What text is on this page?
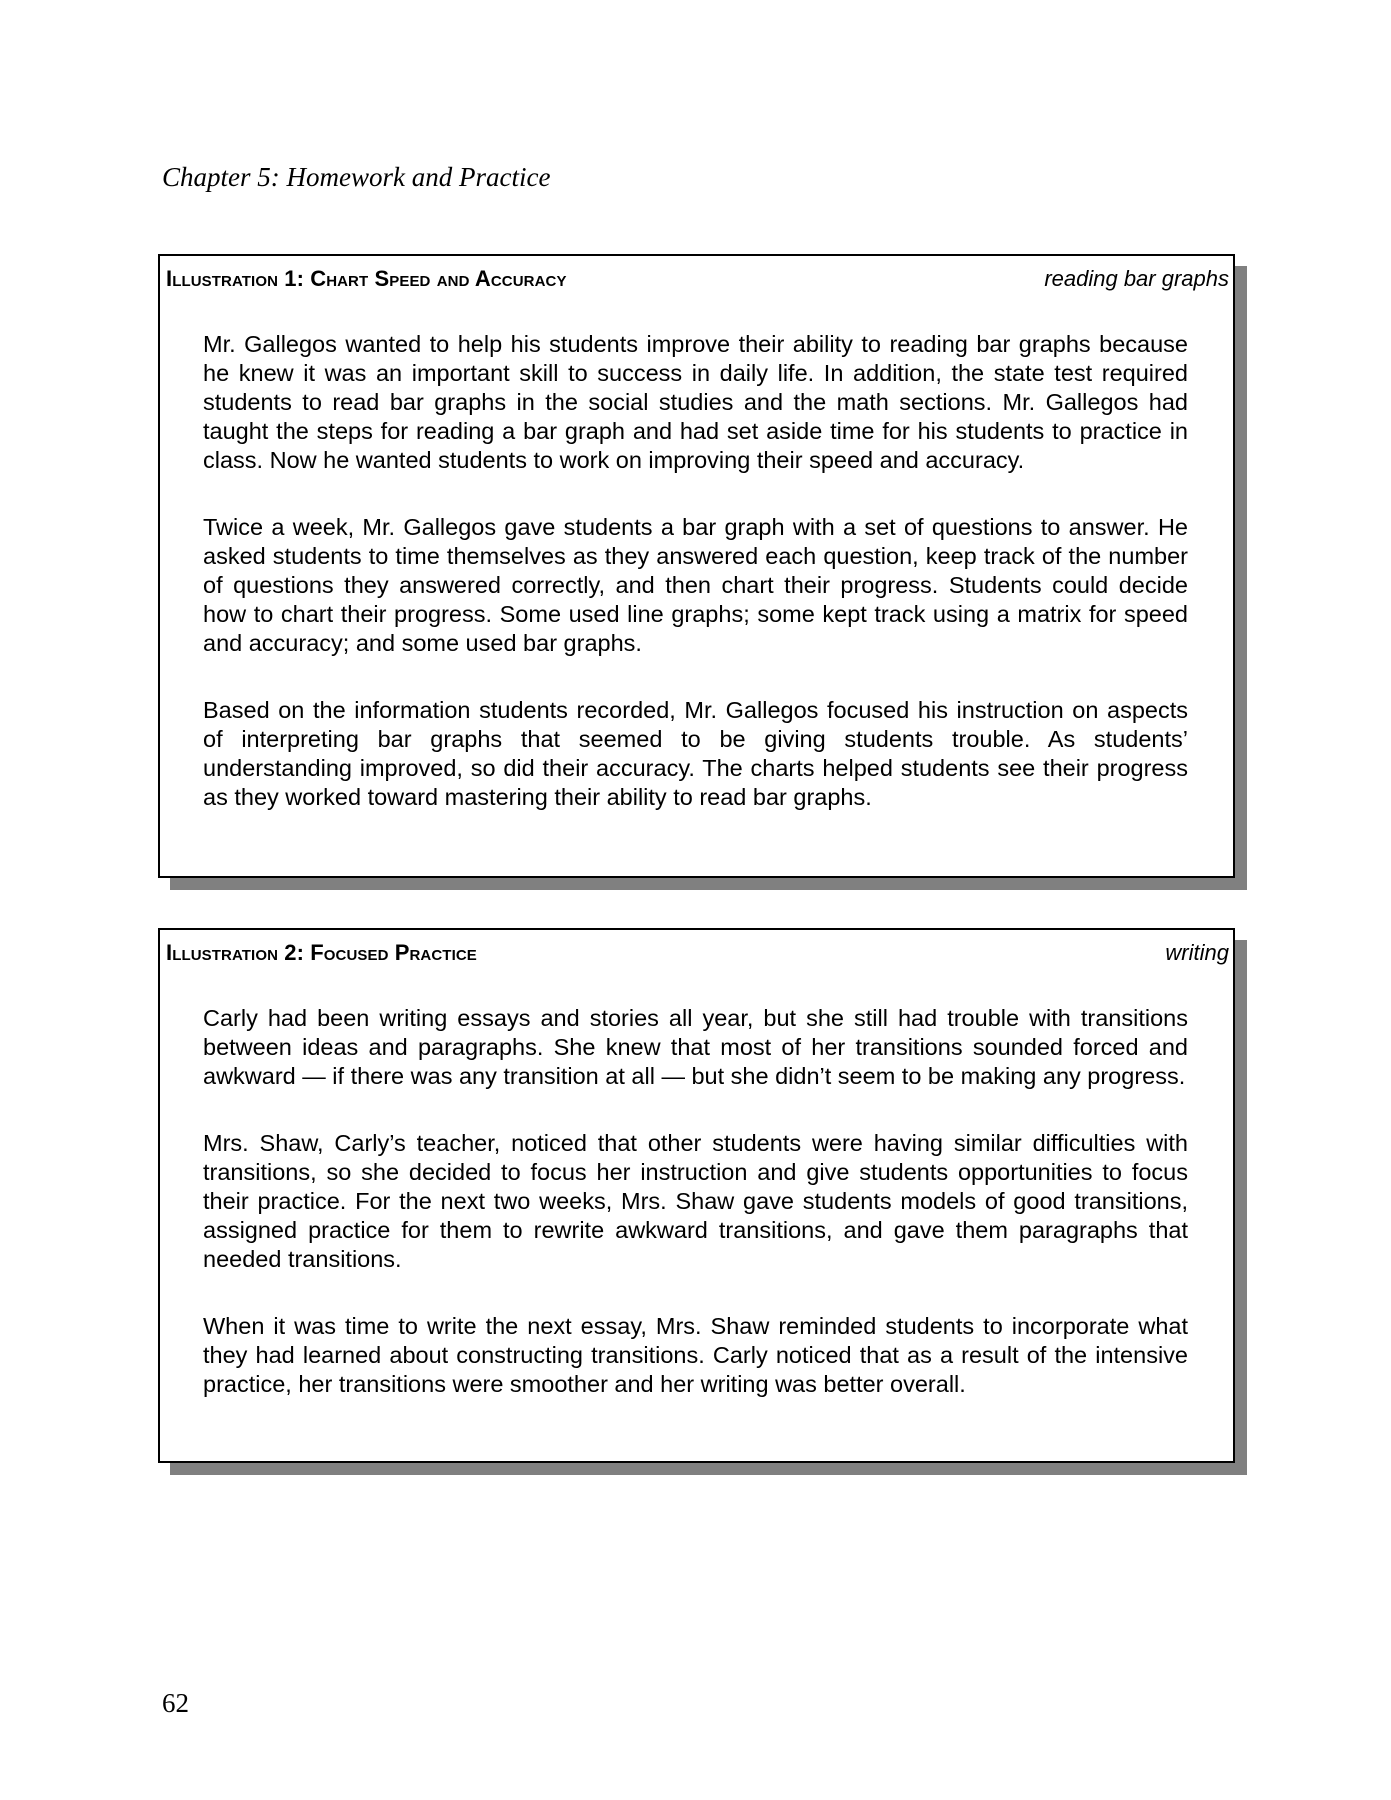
Chapter 5: Homework and Practice
Illustration 1: Chart Speed and Accuracy	reading bar graphs

Mr. Gallegos wanted to help his students improve their ability to reading bar graphs because he knew it was an important skill to success in daily life. In addition, the state test required students to read bar graphs in the social studies and the math sections. Mr. Gallegos had taught the steps for reading a bar graph and had set aside time for his students to practice in class. Now he wanted students to work on improving their speed and accuracy.

Twice a week, Mr. Gallegos gave students a bar graph with a set of questions to answer. He asked students to time themselves as they answered each question, keep track of the number of questions they answered correctly, and then chart their progress. Students could decide how to chart their progress. Some used line graphs; some kept track using a matrix for speed and accuracy; and some used bar graphs.

Based on the information students recorded, Mr. Gallegos focused his instruction on aspects of interpreting bar graphs that seemed to be giving students trouble. As students’ understanding improved, so did their accuracy. The charts helped students see their progress as they worked toward mastering their ability to read bar graphs.

Illustration 2: Focused Practice	writing

Carly had been writing essays and stories all year, but she still had trouble with transitions between ideas and paragraphs. She knew that most of her transitions sounded forced and awkward — if there was any transition at all — but she didn’t seem to be making any progress.

Mrs. Shaw, Carly’s teacher, noticed that other students were having similar difficulties with transitions, so she decided to focus her instruction and give students opportunities to focus their practice. For the next two weeks, Mrs. Shaw gave students models of good transitions, assigned practice for them to rewrite awkward transitions, and gave them paragraphs that needed transitions.

When it was time to write the next essay, Mrs. Shaw reminded students to incorporate what they had learned about constructing transitions. Carly noticed that as a result of the intensive practice, her transitions were smoother and her writing was better overall.

62
